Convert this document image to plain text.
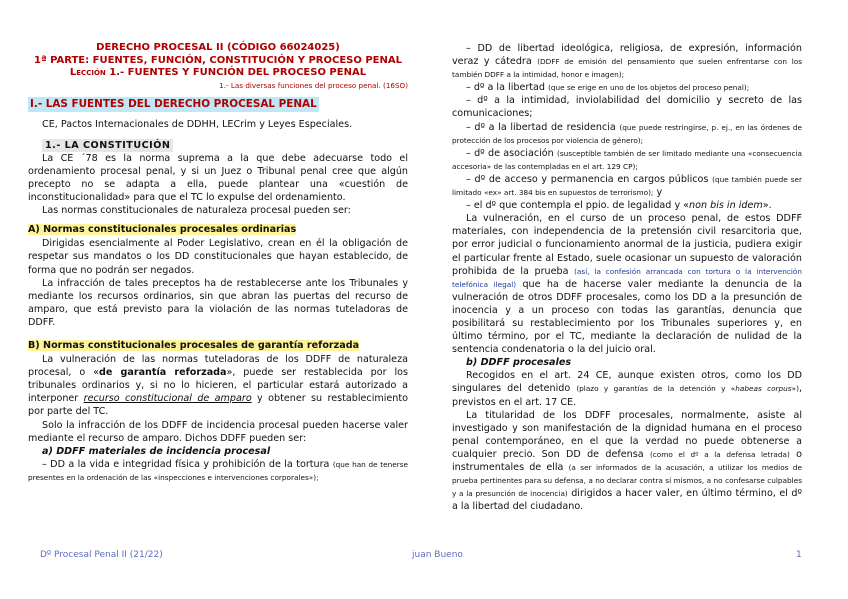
DERECHO PROCESAL II (CÓDIGO 66024025)
1ª PARTE: FUENTES, FUNCIÓN, CONSTITUCIÓN Y PROCESO PENAL
Lección 1.- FUENTES Y FUNCIÓN DEL PROCESO PENAL
1.- Las diversas funciones del proceso penal. (16SO)
I.- LAS FUENTES DEL DERECHO PROCESAL PENAL

CE, Pactos Internacionales de DDHH, LECrim y Leyes Especiales.

1.- LA CONSTITUCIÓN

La CE ´78 es la norma suprema a la que debe adecuarse todo el ordenamiento procesal penal, y si un Juez o Tribunal penal cree que algún precepto no se adapta a ella, puede plantear una «cuestión de inconstitucionalidad» para que el TC lo expulse del ordenamiento.

Las normas constitucionales de naturaleza procesal pueden ser:

A) Normas constitucionales procesales ordinarias

Dirigidas esencialmente al Poder Legislativo, crean en él la obligación de respetar sus mandatos o los DD constitucionales que hayan establecido, de forma que no podrán ser negados.

La infracción de tales preceptos ha de restablecerse ante los Tribunales y mediante los recursos ordinarios, sin que abran las puertas del recurso de amparo, que está previsto para la violación de las normas tuteladoras de DDFF.

B) Normas constitucionales procesales de garantía reforzada

La vulneración de las normas tuteladoras de los DDFF de naturaleza procesal, o «de garantía reforzada», puede ser restablecida por los tribunales ordinarios y, si no lo hicieren, el particular estará autorizado a interponer recurso constitucional de amparo y obtener su restablecimiento por parte del TC.

Solo la infracción de los DDFF de incidencia procesal pueden hacerse valer mediante el recurso de amparo. Dichos DDFF pueden ser:

a) DDFF materiales de incidencia procesal

– DD a la vida e integridad física y prohibición de la tortura (que han de tenerse presentes en la ordenación de las «inspecciones e intervenciones corporales»);

– DD de libertad ideológica, religiosa, de expresión, información veraz y cátedra (DDFF de emisión del pensamiento que suelen enfrentarse con los también DDFF a la intimidad, honor e imagen);

– dº a la libertad (que se erige en uno de los objetos del proceso penal);

– dº a la intimidad, inviolabilidad del domicilio y secreto de las comunicaciones;

– dº a la libertad de residencia (que puede restringirse, p. ej., en las órdenes de protección de los procesos por violencia de género);

– dº de asociación (susceptible también de ser limitado mediante una «consecuencia accesoria» de las contempladas en el art. 129 CP);

– dº de acceso y permanencia en cargos públicos (que también puede ser limitado «ex» art. 384 bis en supuestos de terrorismo); y

– el dº que contempla el ppio. de legalidad y «non bis in idem».

La vulneración, en el curso de un proceso penal, de estos DDFF materiales, con independencia de la pretensión civil resarcitoria que, por error judicial o funcionamiento anormal de la justicia, pudiera exigir el particular frente al Estado, suele ocasionar un supuesto de valoración prohibida de la prueba (así, la confesión arrancada con tortura o la intervención telefónica ilegal) que ha de hacerse valer mediante la denuncia de la vulneración de otros DDFF procesales, como los DD a la presunción de inocencia y a un proceso con todas las garantías, denuncia que posibilitará su restablecimiento por los Tribunales superiores y, en último término, por el TC, mediante la declaración de nulidad de la sentencia condenatoria o la del juicio oral.

b) DDFF procesales

Recogidos en el art. 24 CE, aunque existen otros, como los DD singulares del detenido (plazo y garantías de la detención y «habeas corpus»), previstos en el art. 17 CE.

La titularidad de los DDFF procesales, normalmente, asiste al investigado y son manifestación de la dignidad humana en el proceso penal contemporáneo, en el que la verdad no puede obtenerse a cualquier precio. Son DD de defensa (como el dº a la defensa letrada) o instrumentales de ella (a ser informados de la acusación, a utilizar los medios de prueba pertinentes para su defensa, a no declarar contra sí mismos, a no confesarse culpables y a la presunción de inocencia) dirigidos a hacer valer, en último término, el dº a la libertad del ciudadano.

Dº Procesal Penal II (21/22)	juan Bueno	1
